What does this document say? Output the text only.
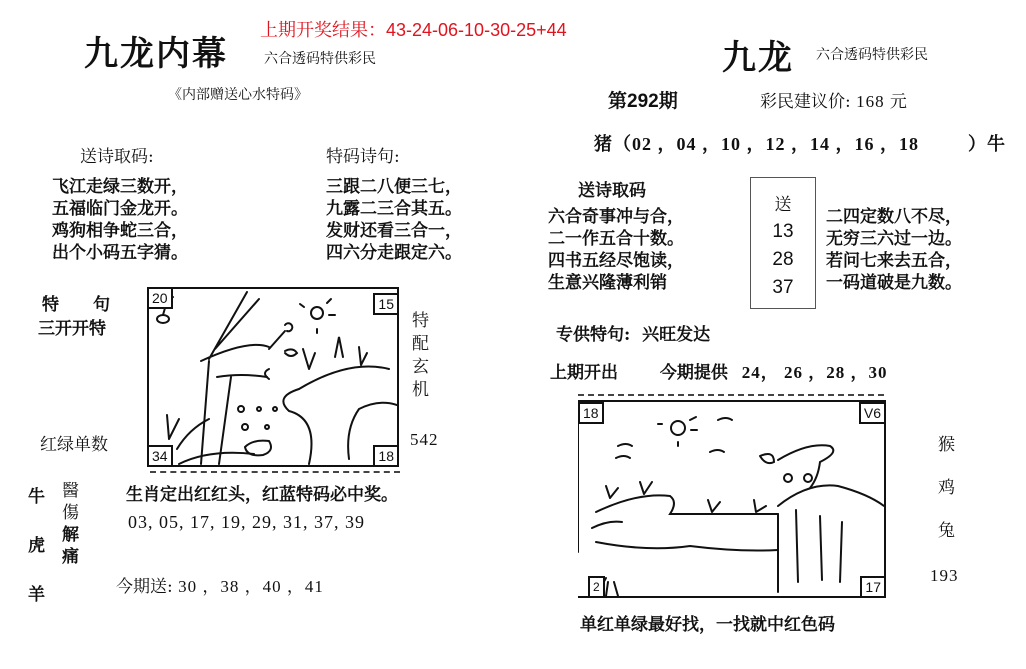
上期开奖结果：43-24-06-10-30-25+44
九龙内幕	六合透码特供彩民
《内部赠送心水特码》
送诗取码:
飞江走绿三数开，
五福临门金龙开。
鸡狗相争蛇三合，
出个小码五字猜。
特码诗句:
三跟二八便三七，
九露二三合其五。
发财还看三合一，
四六分走跟定六。
特　　句
三开开特
红绿单数
20	15
34	18
特
配
玄
机
542
牛
虎
羊
醫
傷
解
痛
生肖定出红红头，红蓝特码必中奖。
03, 05, 17, 19, 29, 31, 37, 39
今期送: 30 ，38 ，40 ，41
九龙 六合透码特供彩民
第292期	彩民建议价: 168 元
猪（02 ，04 ，10 ，12 ，14 ，16 ，18	）牛
送诗取码
六合奇事冲与合，
二一作五合十数。
四书五经尽饱读，
生意兴隆薄利销
送
13
28
37
二四定数八不尽，
无穷三六过一边。
若问七来去五合，
一码道破是九数。
专供特句: 兴旺发达
上期开出 今期提供 24， 26 ，28 ，30
18	V6
2	17
猴
鸡
兔
193
单红单绿最好找，一找就中红色码
